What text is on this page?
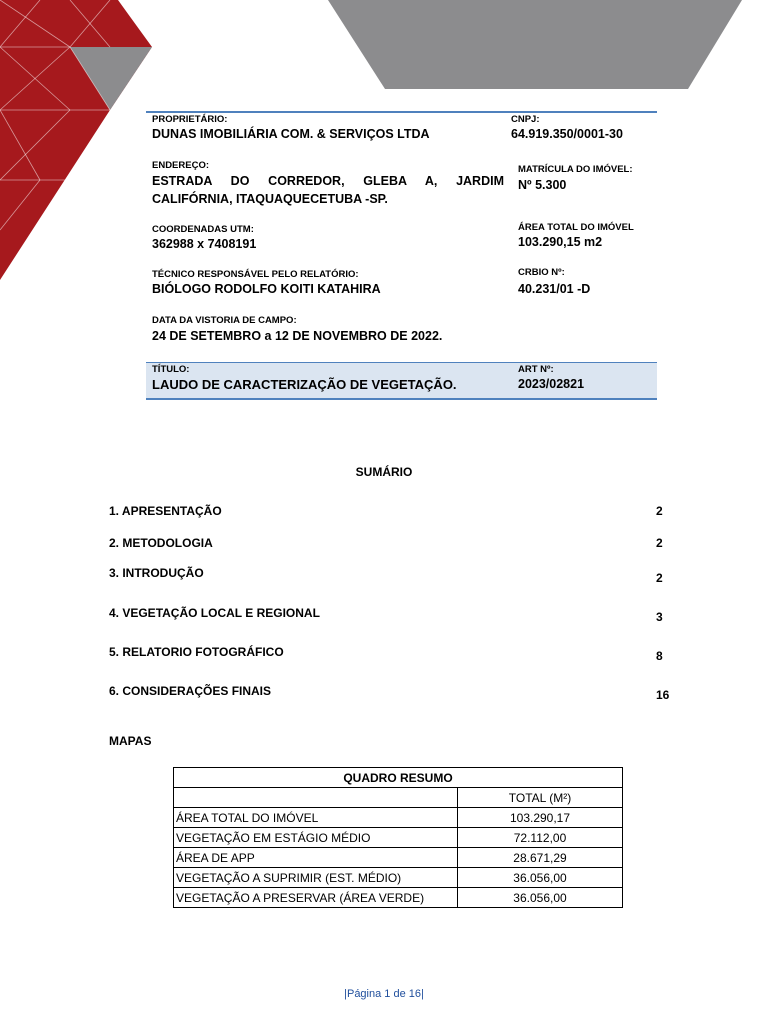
PROPRIETÁRIO:
DUNAS IMOBILIÁRIA COM. & SERVIÇOS LTDA
CNPJ:
64.919.350/0001-30
ENDEREÇO:
ESTRADA DO CORREDOR, GLEBA A, JARDIM CALIFÓRNIA, ITAQUAQUECETUBA -SP.
MATRÍCULA DO IMÓVEL:
Nº 5.300
COORDENADAS UTM:
362988 x 7408191
ÁREA TOTAL DO IMÓVEL
103.290,15 m2
TÉCNICO RESPONSÁVEL PELO RELATÓRIO:
BIÓLOGO RODOLFO KOITI KATAHIRA
CRBIO Nº:
40.231/01 -D
DATA DA VISTORIA DE CAMPO:
24 DE SETEMBRO a 12 DE NOVEMBRO DE 2022.
TÍTULO:
LAUDO DE CARACTERIZAÇÃO DE VEGETAÇÃO.
ART Nº:
2023/02821
SUMÁRIO
1. APRESENTAÇÃO	2
2. METODOLOGIA	2
3. INTRODUÇÃO	2
4. VEGETAÇÃO LOCAL E REGIONAL	3
5. RELATORIO FOTOGRÁFICO	8
6. CONSIDERAÇÕES FINAIS	16
MAPAS
QUADRO RESUMO	
	TOTAL (M²)
ÁREA TOTAL DO IMÓVEL	103.290,17
VEGETAÇÃO EM ESTÁGIO MÉDIO	72.112,00
ÁREA DE APP	28.671,29
VEGETAÇÃO A SUPRIMIR (EST. MÉDIO)	36.056,00
VEGETAÇÃO A PRESERVAR (ÁREA VERDE)	36.056,00
|Página 1 de 16|
